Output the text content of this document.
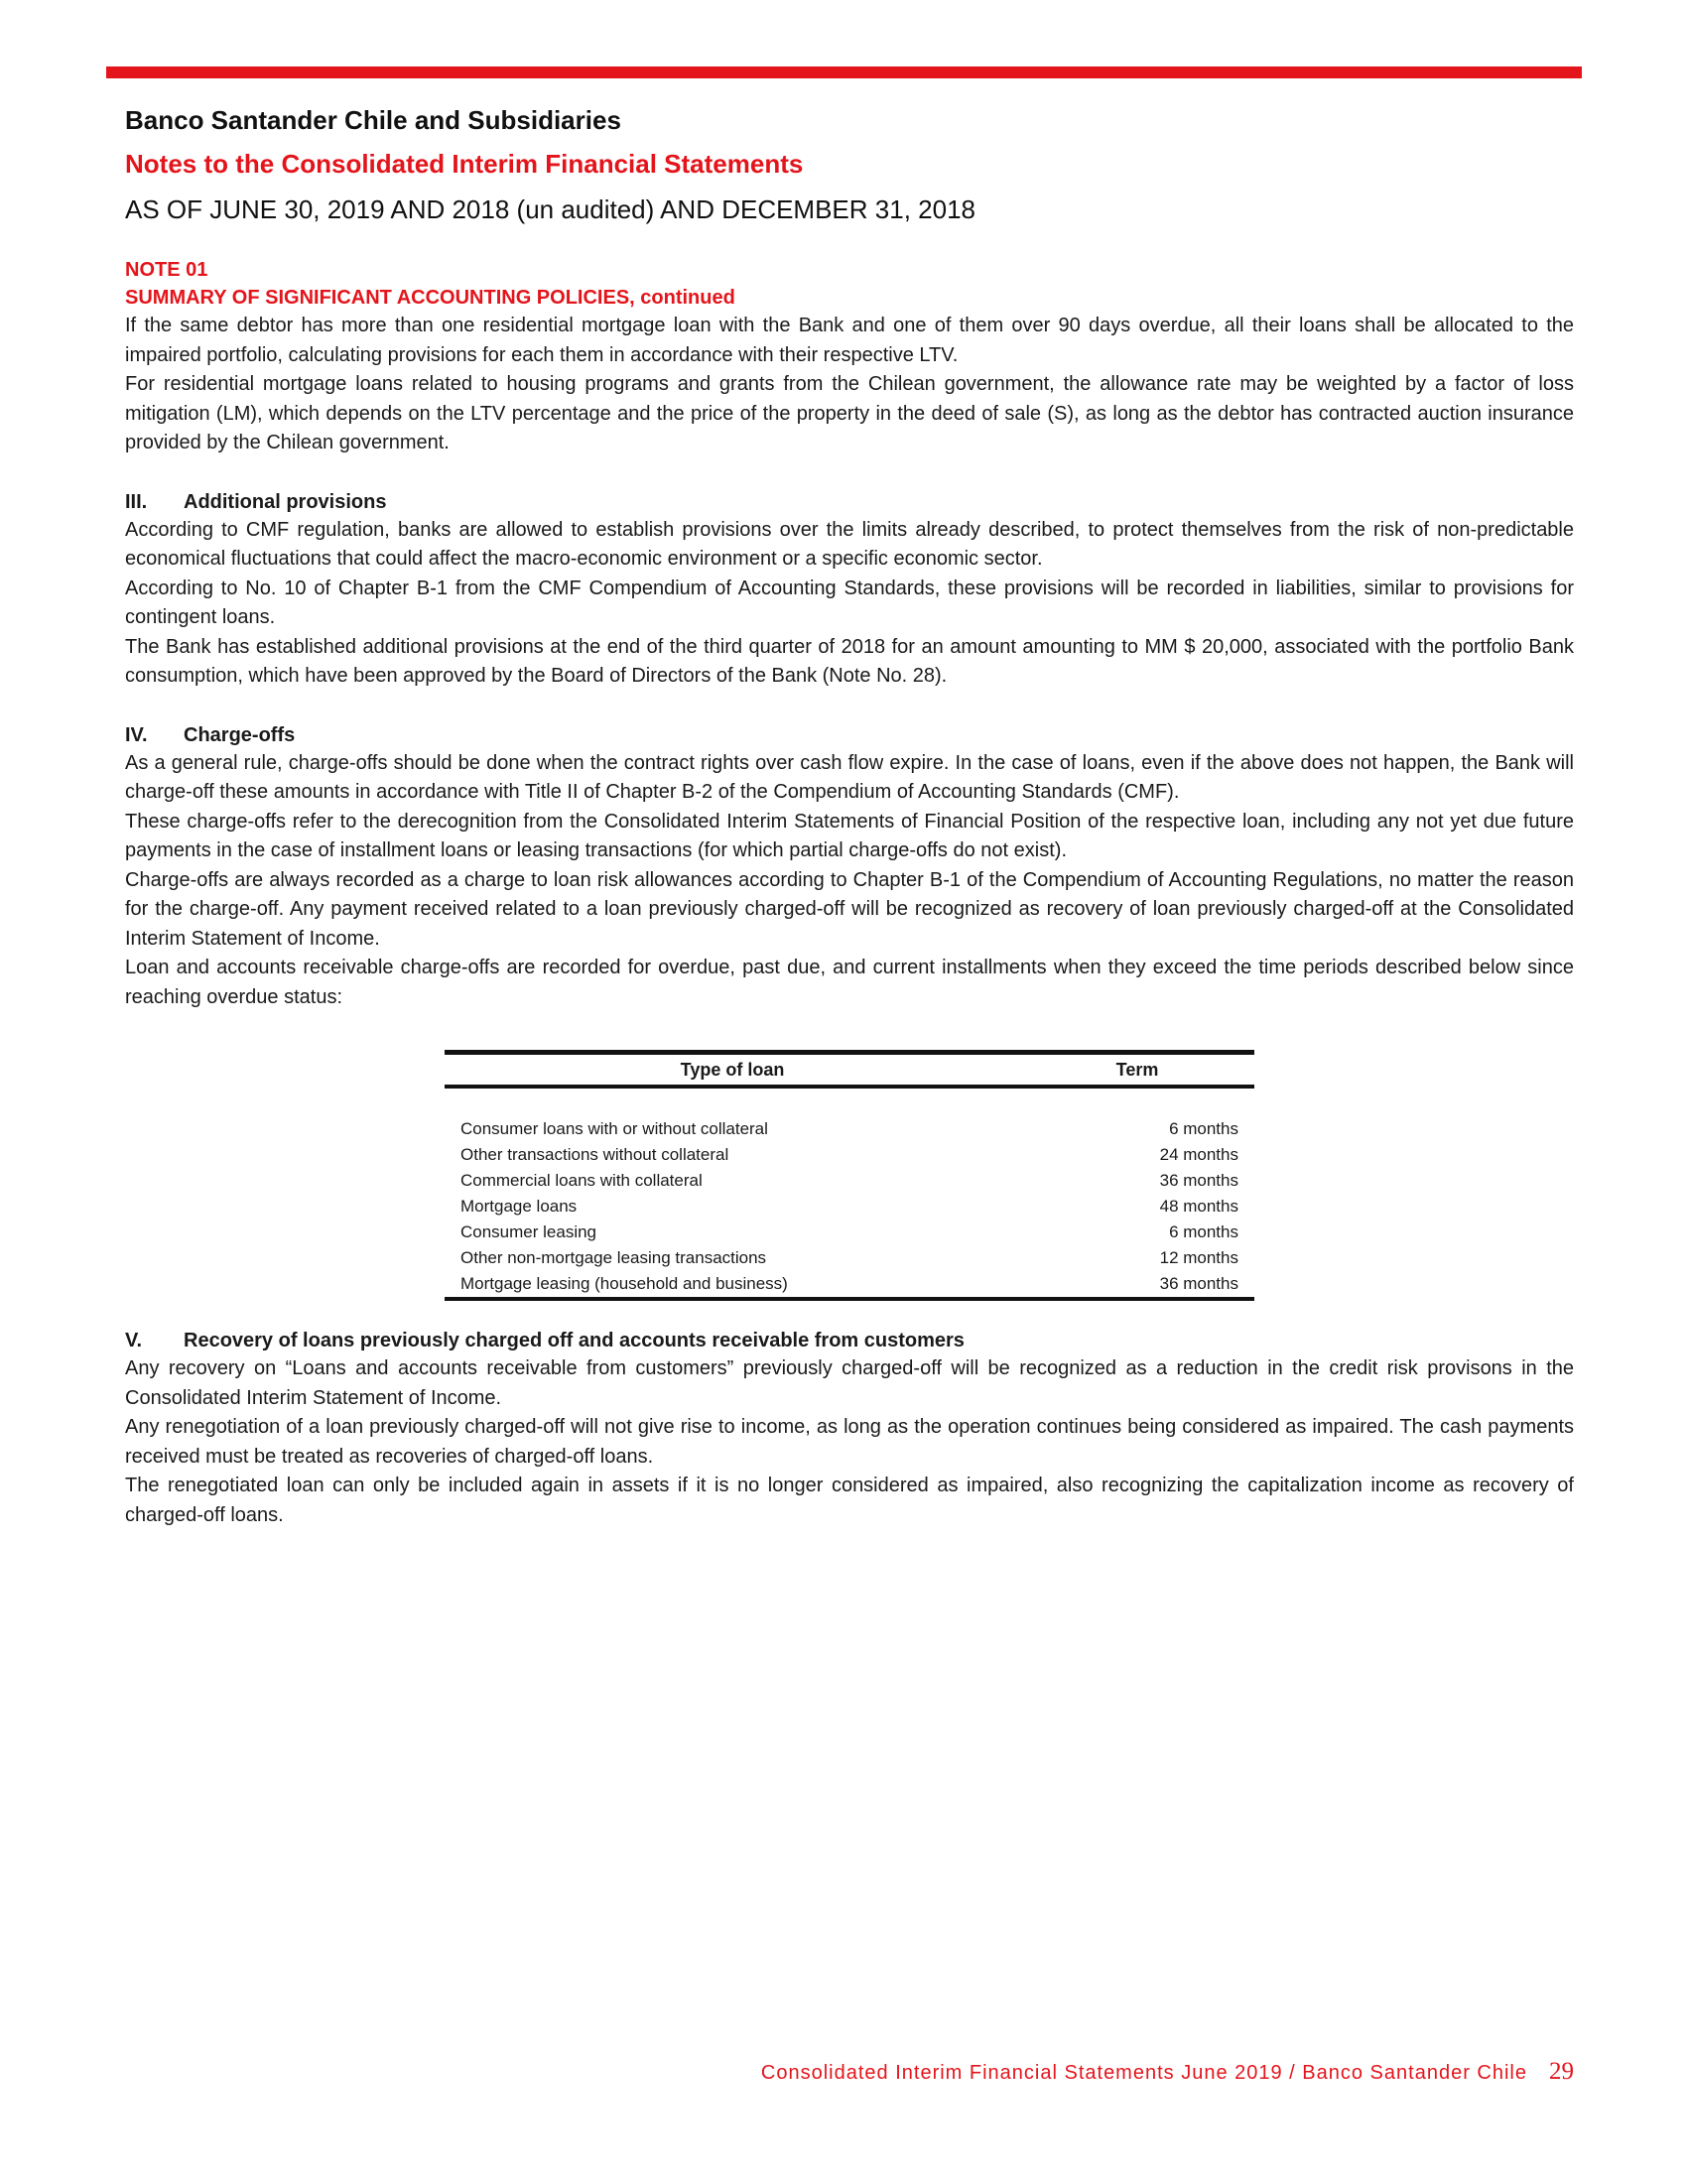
Banco Santander Chile and Subsidiaries
Notes to the Consolidated Interim Financial Statements
AS OF JUNE 30, 2019 AND 2018 (un audited) AND DECEMBER 31, 2018
NOTE 01
SUMMARY OF SIGNIFICANT ACCOUNTING POLICIES, continued

If the same debtor has more than one residential mortgage loan with the Bank and one of them over 90 days overdue, all their loans shall be allocated to the impaired portfolio, calculating provisions for each them in accordance with their respective LTV.

For residential mortgage loans related to housing programs and grants from the Chilean government, the allowance rate may be weighted by a factor of loss mitigation (LM), which depends on the LTV percentage and the price of the property in the deed of sale (S), as long as the debtor has contracted auction insurance provided by the Chilean government.

III.	Additional provisions

According to CMF regulation, banks are allowed to establish provisions over the limits already described, to protect themselves from the risk of non-predictable economical fluctuations that could affect the macro-economic environment or a specific economic sector.

According to No. 10 of Chapter B-1 from the CMF Compendium of Accounting Standards, these provisions will be recorded in liabilities, similar to provisions for contingent loans.

The Bank has established additional provisions at the end of the third quarter of 2018 for an amount amounting to MM $ 20,000, associated with the portfolio Bank consumption, which have been approved by the Board of Directors of the Bank (Note No. 28).

IV.	Charge-offs

As a general rule, charge-offs should be done when the contract rights over cash flow expire. In the case of loans, even if the above does not happen, the Bank will charge-off these amounts in accordance with Title II of Chapter B-2 of the Compendium of Accounting Standards (CMF).

These charge-offs refer to the derecognition from the Consolidated Interim Statements of Financial Position of the respective loan, including any not yet due future payments in the case of installment loans or leasing transactions (for which partial charge-offs do not exist).

Charge-offs are always recorded as a charge to loan risk allowances according to Chapter B-1 of the Compendium of Accounting Regulations, no matter the reason for the charge-off. Any payment received related to a loan previously charged-off will be recognized as recovery of loan previously charged-off at the Consolidated Interim Statement of Income.

Loan and accounts receivable charge-offs are recorded for overdue, past due, and current installments when they exceed the time periods described below since reaching overdue status:

Type of loan	Term
Consumer loans with or without collateral	6 months
Other transactions without collateral	24 months
Commercial loans with collateral	36 months
Mortgage loans	48 months
Consumer leasing	6 months
Other non-mortgage leasing transactions	12 months
Mortgage leasing (household and business)	36 months
V.	Recovery of loans previously charged off and accounts receivable from customers

Any recovery on “Loans and accounts receivable from customers” previously charged-off will be recognized as a reduction in the credit risk provisons in the Consolidated Interim Statement of Income.

Any renegotiation of a loan previously charged-off will not give rise to income, as long as the operation continues being considered as impaired. The cash payments received must be treated as recoveries of charged-off loans.

The renegotiated loan can only be included again in assets if it is no longer considered as impaired, also recognizing the capitalization income as recovery of charged-off loans.

Consolidated Interim Financial Statements June 2019 / Banco Santander Chile 29
